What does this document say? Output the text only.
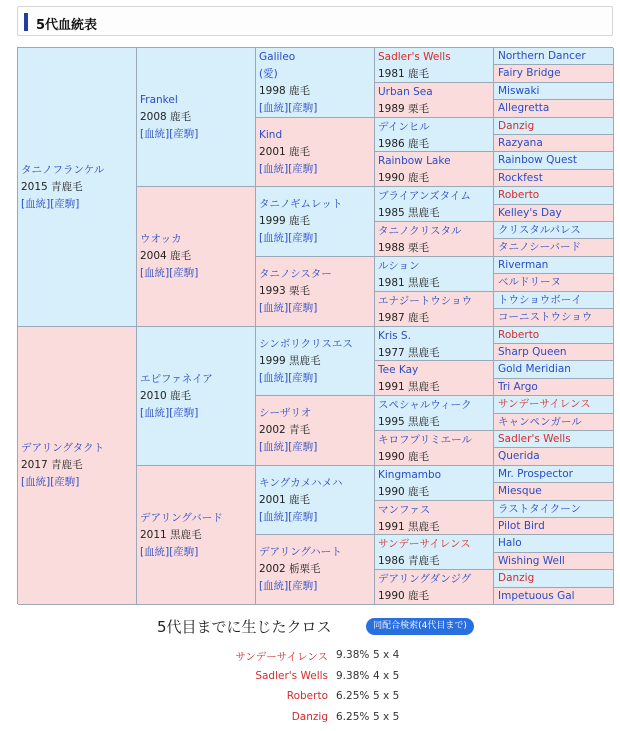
5代血統表
タニノフランケル
2015 青鹿毛
[血統][産駒]
デアリングタクト
2017 青鹿毛
[血統][産駒]
Frankel
2008 鹿毛
[血統][産駒]
ウオッカ
2004 鹿毛
[血統][産駒]
エピファネイア
2010 鹿毛
[血統][産駒]
デアリングバード
2011 黒鹿毛
[血統][産駒]
Galileo
(愛)
1998 鹿毛
[血統][産駒]
Kind
2001 鹿毛
[血統][産駒]
タニノギムレット
1999 鹿毛
[血統][産駒]
タニノシスター
1993 栗毛
[血統][産駒]
シンボリクリスエス
1999 黒鹿毛
[血統][産駒]
シーザリオ
2002 青毛
[血統][産駒]
キングカメハメハ
2001 鹿毛
[血統][産駒]
デアリングハート
2002 栃栗毛
[血統][産駒]
Sadler's Wells
1981 鹿毛
Urban Sea
1989 栗毛
デインヒル
1986 鹿毛
Rainbow Lake
1990 鹿毛
ブライアンズタイム
1985 黒鹿毛
タニノクリスタル
1988 栗毛
ルション
1981 黒鹿毛
エナジートウショウ
1987 鹿毛
Kris S.
1977 黒鹿毛
Tee Kay
1991 黒鹿毛
スペシャルウィーク
1995 黒鹿毛
キロフプリミエール
1990 鹿毛
Kingmambo
1990 鹿毛
マンファス
1991 黒鹿毛
サンデーサイレンス
1986 青鹿毛
デアリングダンジグ
1990 鹿毛
Northern Dancer
Fairy Bridge
Miswaki
Allegretta
Danzig
Razyana
Rainbow Quest
Rockfest
Roberto
Kelley's Day
クリスタルパレス
タニノシーバード
Riverman
ベルドリーヌ
トウショウボーイ
コーニストウショウ
Roberto
Sharp Queen
Gold Meridian
Tri Argo
サンデーサイレンス
キャンペンガール
Sadler's Wells
Querida
Mr. Prospector
Miesque
ラストタイクーン
Pilot Bird
Halo
Wishing Well
Danzig
Impetuous Gal
5代目までに生じたクロス	同配合検索(4代目まで)
サンデーサイレンス 9.38% 5 x 4
Sadler's Wells 9.38% 4 x 5
Roberto 6.25% 5 x 5
Danzig 6.25% 5 x 5
